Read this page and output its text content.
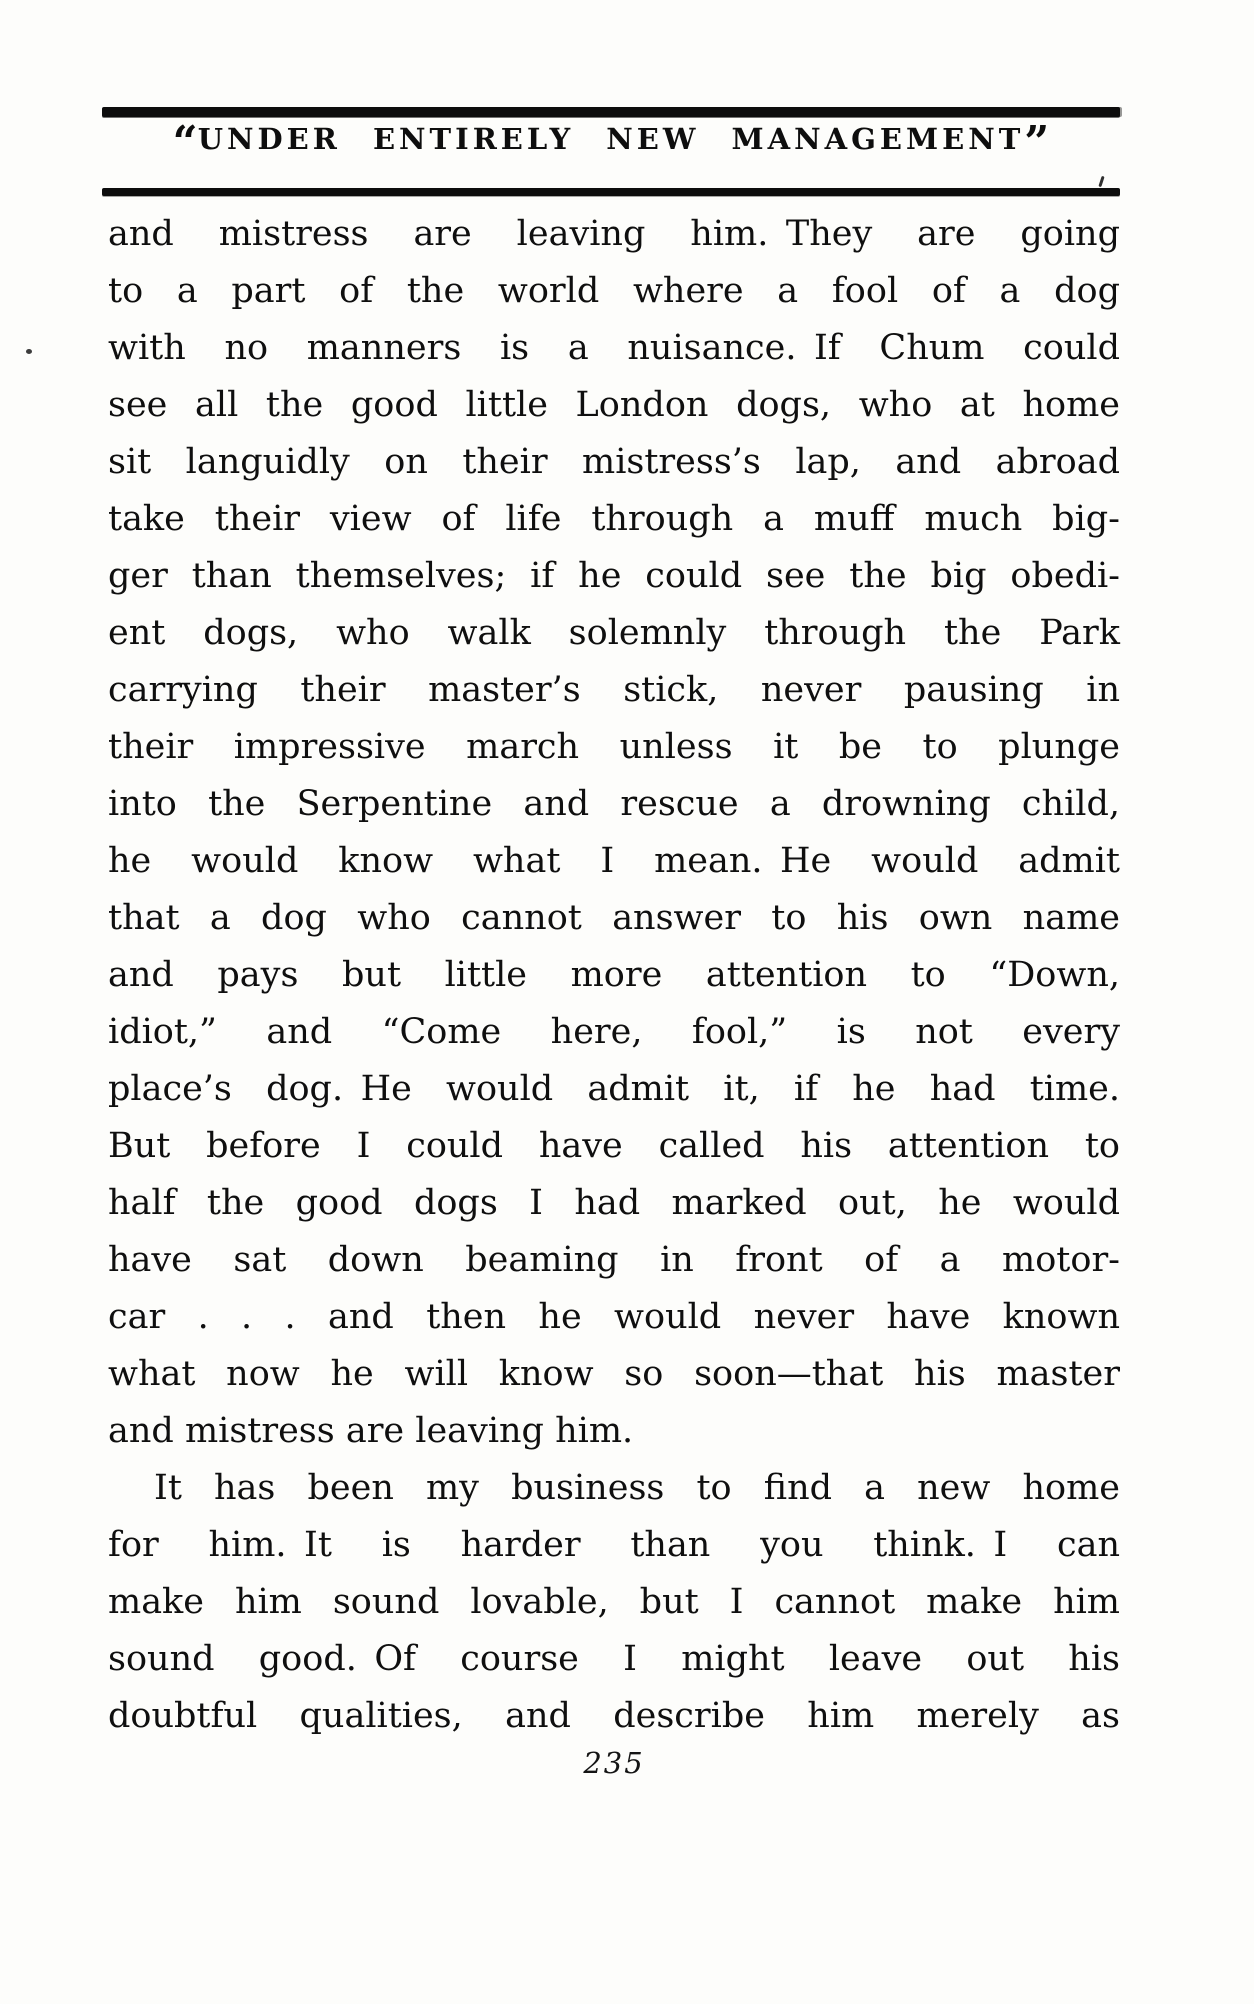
“UNDER ENTIRELY NEW MANAGEMENT”
and mistress are leaving him. They are going
to a part of the world where a fool of a dog
with no manners is a nuisance. If Chum could
see all the good little London dogs, who at home
sit languidly on their mistress’s lap, and abroad
take their view of life through a muff much big-
ger than themselves; if he could see the big obedi-
ent dogs, who walk solemnly through the Park
carrying their master’s stick, never pausing in
their impressive march unless it be to plunge
into the Serpentine and rescue a drowning child,
he would know what I mean. He would admit
that a dog who cannot answer to his own name
and pays but little more attention to “Down,
idiot,” and “Come here, fool,” is not every
place’s dog. He would admit it, if he had time.
But before I could have called his attention to
half the good dogs I had marked out, he would
have sat down beaming in front of a motor-
car . . . and then he would never have known
what now he will know so soon—that his master
and mistress are leaving him.
It has been my business to find a new home
for him. It is harder than you think. I can
make him sound lovable, but I cannot make him
sound good. Of course I might leave out his
doubtful qualities, and describe him merely as
235
